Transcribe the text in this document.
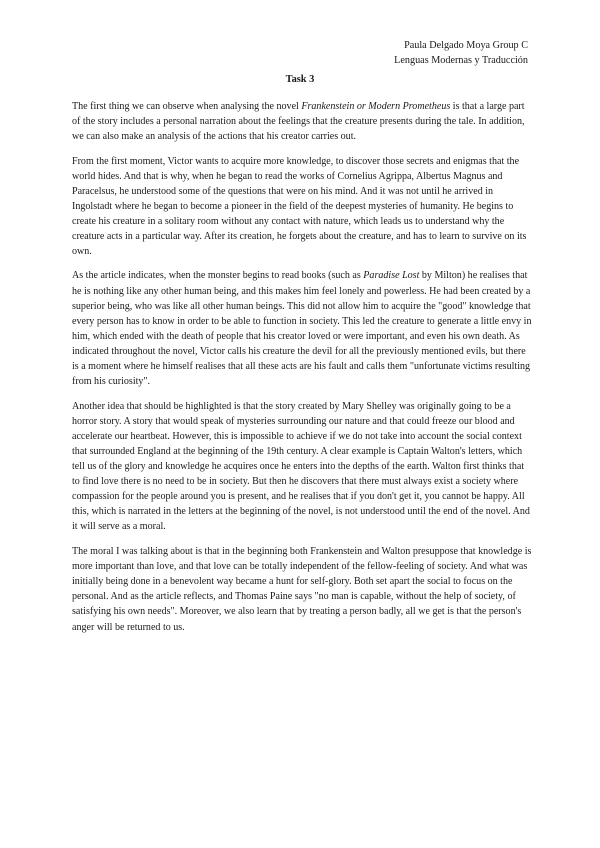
Paula Delgado Moya Group C
Lenguas Modernas y Traducción
Task 3

The first thing we can observe when analysing the novel Frankenstein or Modern Prometheus is that a large part of the story includes a personal narration about the feelings that the creature presents during the tale. In addition, we can also make an analysis of the actions that his creator carries out.

From the first moment, Victor wants to acquire more knowledge, to discover those secrets and enigmas that the world hides. And that is why, when he began to read the works of Cornelius Agrippa, Albertus Magnus and Paracelsus, he understood some of the questions that were on his mind. And it was not until he arrived in Ingolstadt where he began to become a pioneer in the field of the deepest mysteries of humanity. He begins to create his creature in a solitary room without any contact with nature, which leads us to understand why the creature acts in a particular way. After its creation, he forgets about the creature, and has to learn to survive on its own.

As the article indicates, when the monster begins to read books (such as Paradise Lost by Milton) he realises that he is nothing like any other human being, and this makes him feel lonely and powerless. He had been created by a superior being, who was like all other human beings. This did not allow him to acquire the "good" knowledge that every person has to know in order to be able to function in society. This led the creature to generate a little envy in him, which ended with the death of people that his creator loved or were important, and even his own death. As indicated throughout the novel, Victor calls his creature the devil for all the previously mentioned evils, but there is a moment where he himself realises that all these acts are his fault and calls them "unfortunate victims resulting from his curiosity".

Another idea that should be highlighted is that the story created by Mary Shelley was originally going to be a horror story. A story that would speak of mysteries surrounding our nature and that could freeze our blood and accelerate our heartbeat. However, this is impossible to achieve if we do not take into account the social context that surrounded England at the beginning of the 19th century. A clear example is Captain Walton's letters, which tell us of the glory and knowledge he acquires once he enters into the depths of the earth. Walton first thinks that to find love there is no need to be in society. But then he discovers that there must always exist a society where compassion for the people around you is present, and he realises that if you don't get it, you cannot be happy. All this, which is narrated in the letters at the beginning of the novel, is not understood until the end of the novel. And it will serve as a moral.

The moral I was talking about is that in the beginning both Frankenstein and Walton presuppose that knowledge is more important than love, and that love can be totally independent of the fellow-feeling of society. And what was initially being done in a benevolent way became a hunt for self-glory. Both set apart the social to focus on the personal. And as the article reflects, and Thomas Paine says "no man is capable, without the help of society, of satisfying his own needs". Moreover, we also learn that by treating a person badly, all we get is that the person's anger will be returned to us.
